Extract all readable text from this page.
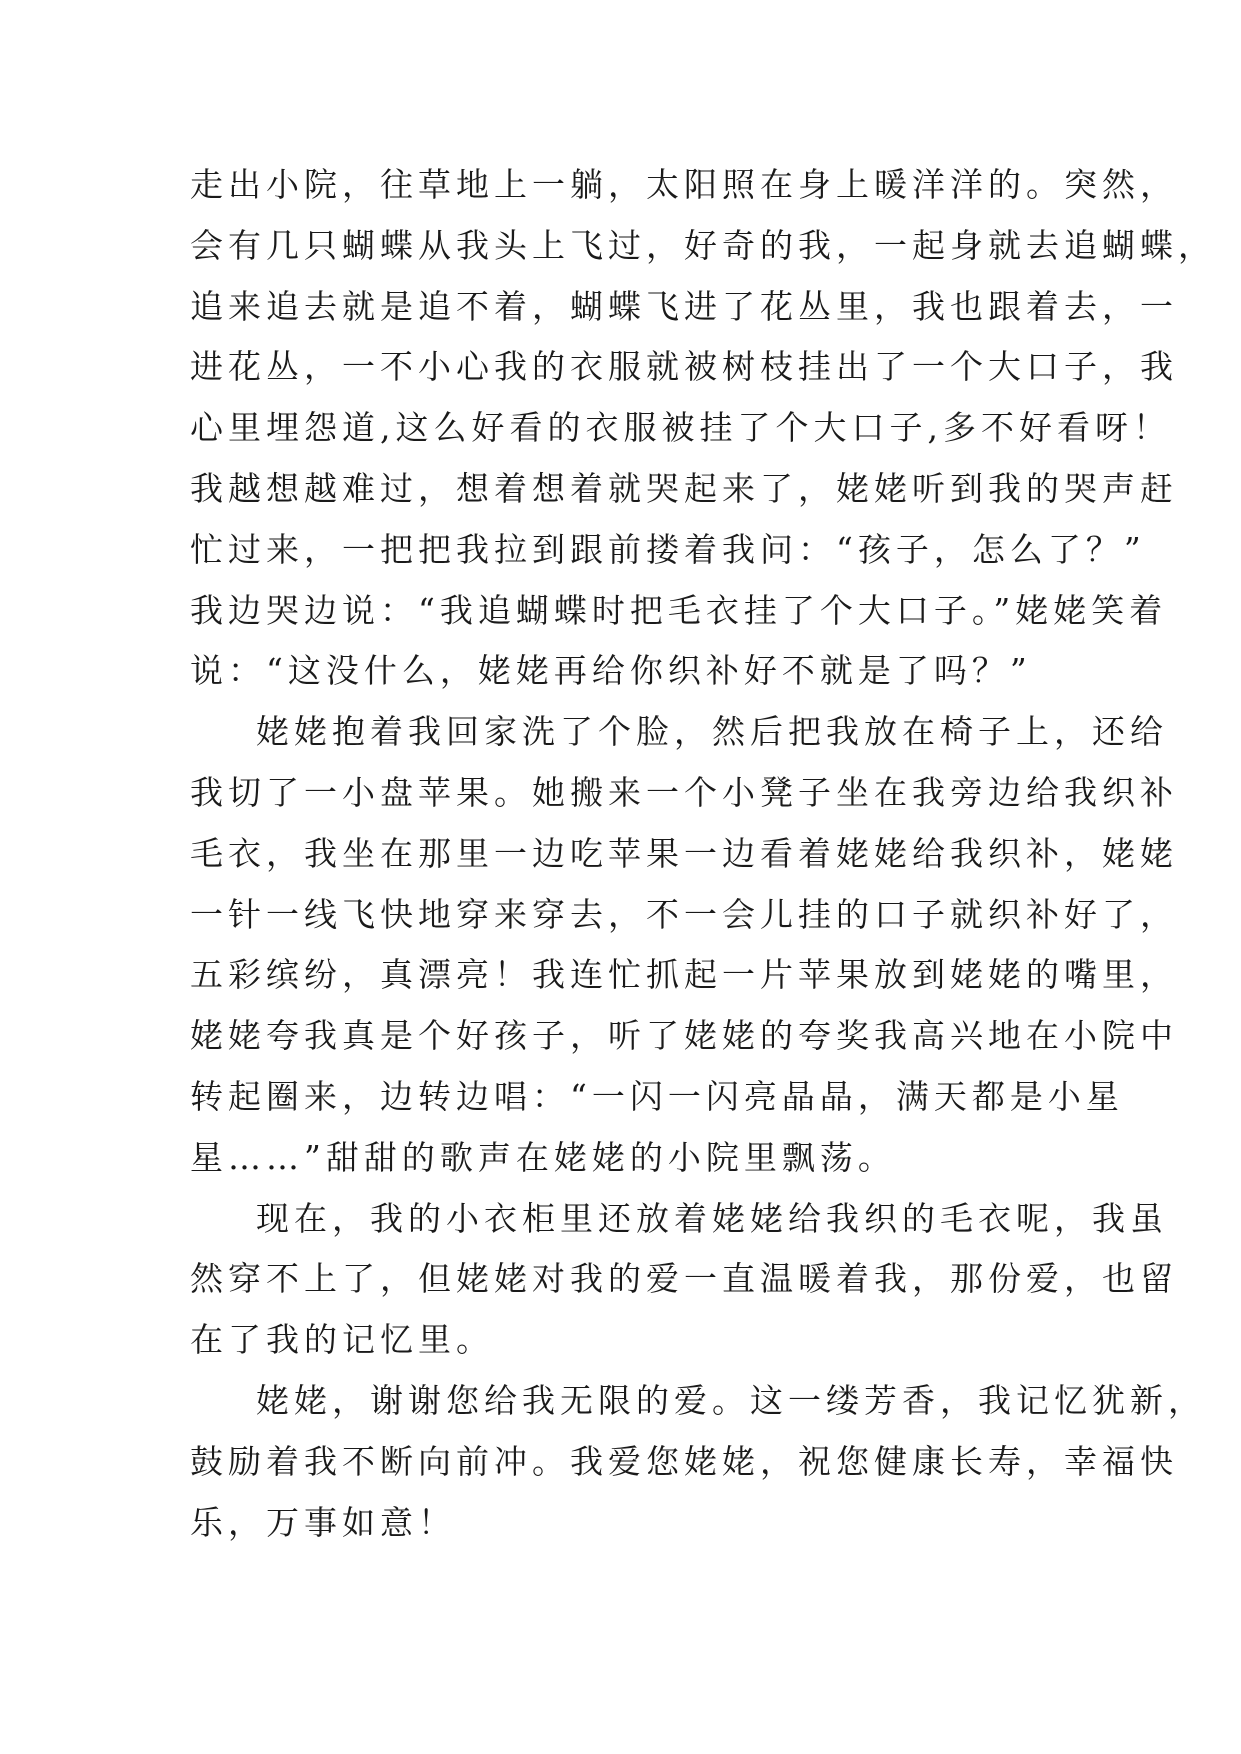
走出小院，往草地上一躺，太阳照在身上暖洋洋的。突然，
会有几只蝴蝶从我头上飞过，好奇的我，一起身就去追蝴蝶，
追来追去就是追不着，蝴蝶飞进了花丛里，我也跟着去，一
进花丛，一不小心我的衣服就被树枝挂出了一个大口子，我
心里埋怨道,这么好看的衣服被挂了个大口子,多不好看呀！
我越想越难过，想着想着就哭起来了，姥姥听到我的哭声赶
忙过来，一把把我拉到跟前搂着我问：“孩子，怎么了？”
我边哭边说：“我追蝴蝶时把毛衣挂了个大口子。”姥姥笑着
说：“这没什么，姥姥再给你织补好不就是了吗？”
姥姥抱着我回家洗了个脸，然后把我放在椅子上，还给
我切了一小盘苹果。她搬来一个小凳子坐在我旁边给我织补
毛衣，我坐在那里一边吃苹果一边看着姥姥给我织补，姥姥
一针一线飞快地穿来穿去，不一会儿挂的口子就织补好了，
五彩缤纷，真漂亮！我连忙抓起一片苹果放到姥姥的嘴里，
姥姥夸我真是个好孩子，听了姥姥的夸奖我高兴地在小院中
转起圈来，边转边唱：“一闪一闪亮晶晶，满天都是小星
星……”甜甜的歌声在姥姥的小院里飘荡。
现在，我的小衣柜里还放着姥姥给我织的毛衣呢，我虽
然穿不上了，但姥姥对我的爱一直温暖着我，那份爱，也留
在了我的记忆里。
姥姥，谢谢您给我无限的爱。这一缕芳香，我记忆犹新，
鼓励着我不断向前冲。我爱您姥姥，祝您健康长寿，幸福快
乐，万事如意！
